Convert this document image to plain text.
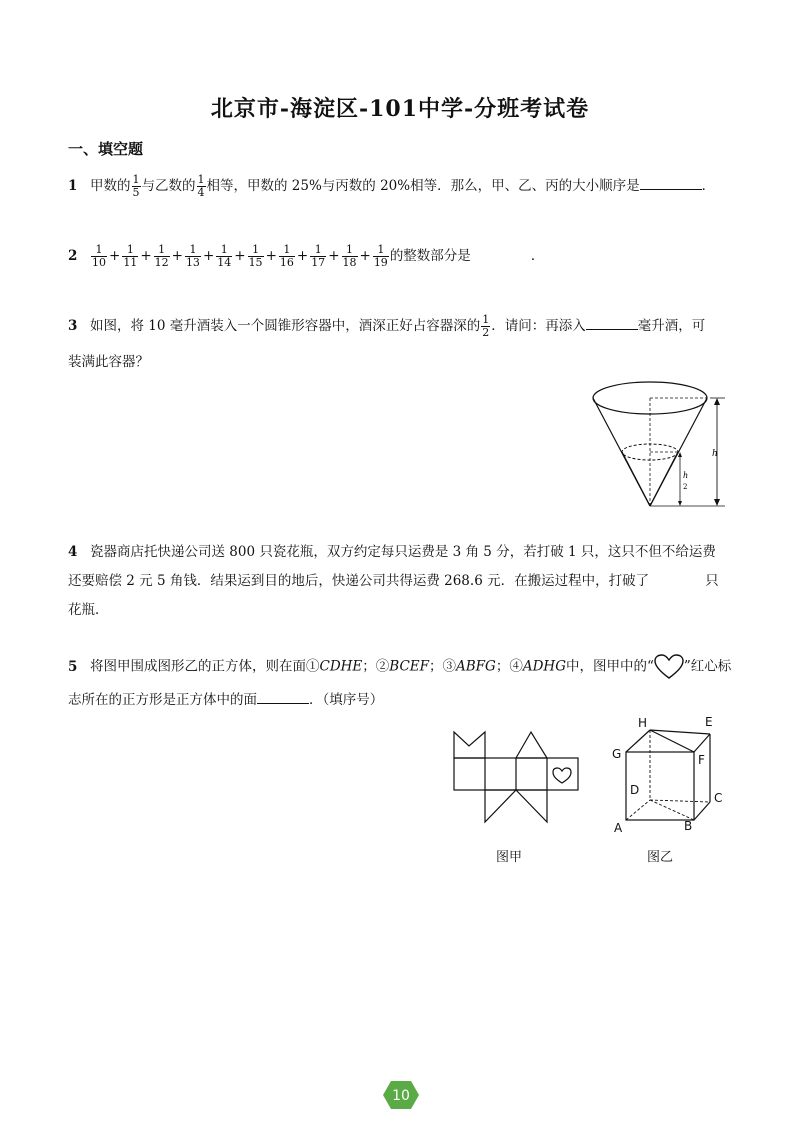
北京市-海淀区-101中学-分班考试卷
一、填空题
1 甲数的 $\frac{1}{5}$ 与乙数的 $\frac{1}{4}$ 相等，甲数的 25%与丙数的 20%相等．那么，甲、乙、丙的大小顺序是	．
$2 \frac{1}{10} + \frac{1}{11} + \frac{1}{12} + \frac{1}{13} + \frac{1}{14} + \frac{1}{15} + \frac{1}{16} + \frac{1}{17} + \frac{1}{18} + \frac{1}{19}$ 的整数部分是	．
3 如图，将 10 毫升酒装入一个圆锥形容器中，酒深正好占容器深的 $\frac{1}{2}$ ．请问：再添入	毫升酒，可
装满此容器？
h
h
2
4 瓷器商店托快递公司送 800 只瓷花瓶，双方约定每只运费是 3 角 5 分，若打破 1 只，这只不但不给运费
还要赔偿 2 元 5 角钱．结果运到目的地后，快递公司共得运费 268.6 元．在搬运过程中，打破了	只
花瓶．
5 将图甲围成图形乙的正方体，则在面①CDHE；②BCEF；③ABFG；④ADHG中，图甲中的“ ”红心标
志所在的正方形是正方体中的面	．（填序号）
图甲
H	E
G	F
D
C
A	B
图乙
10
